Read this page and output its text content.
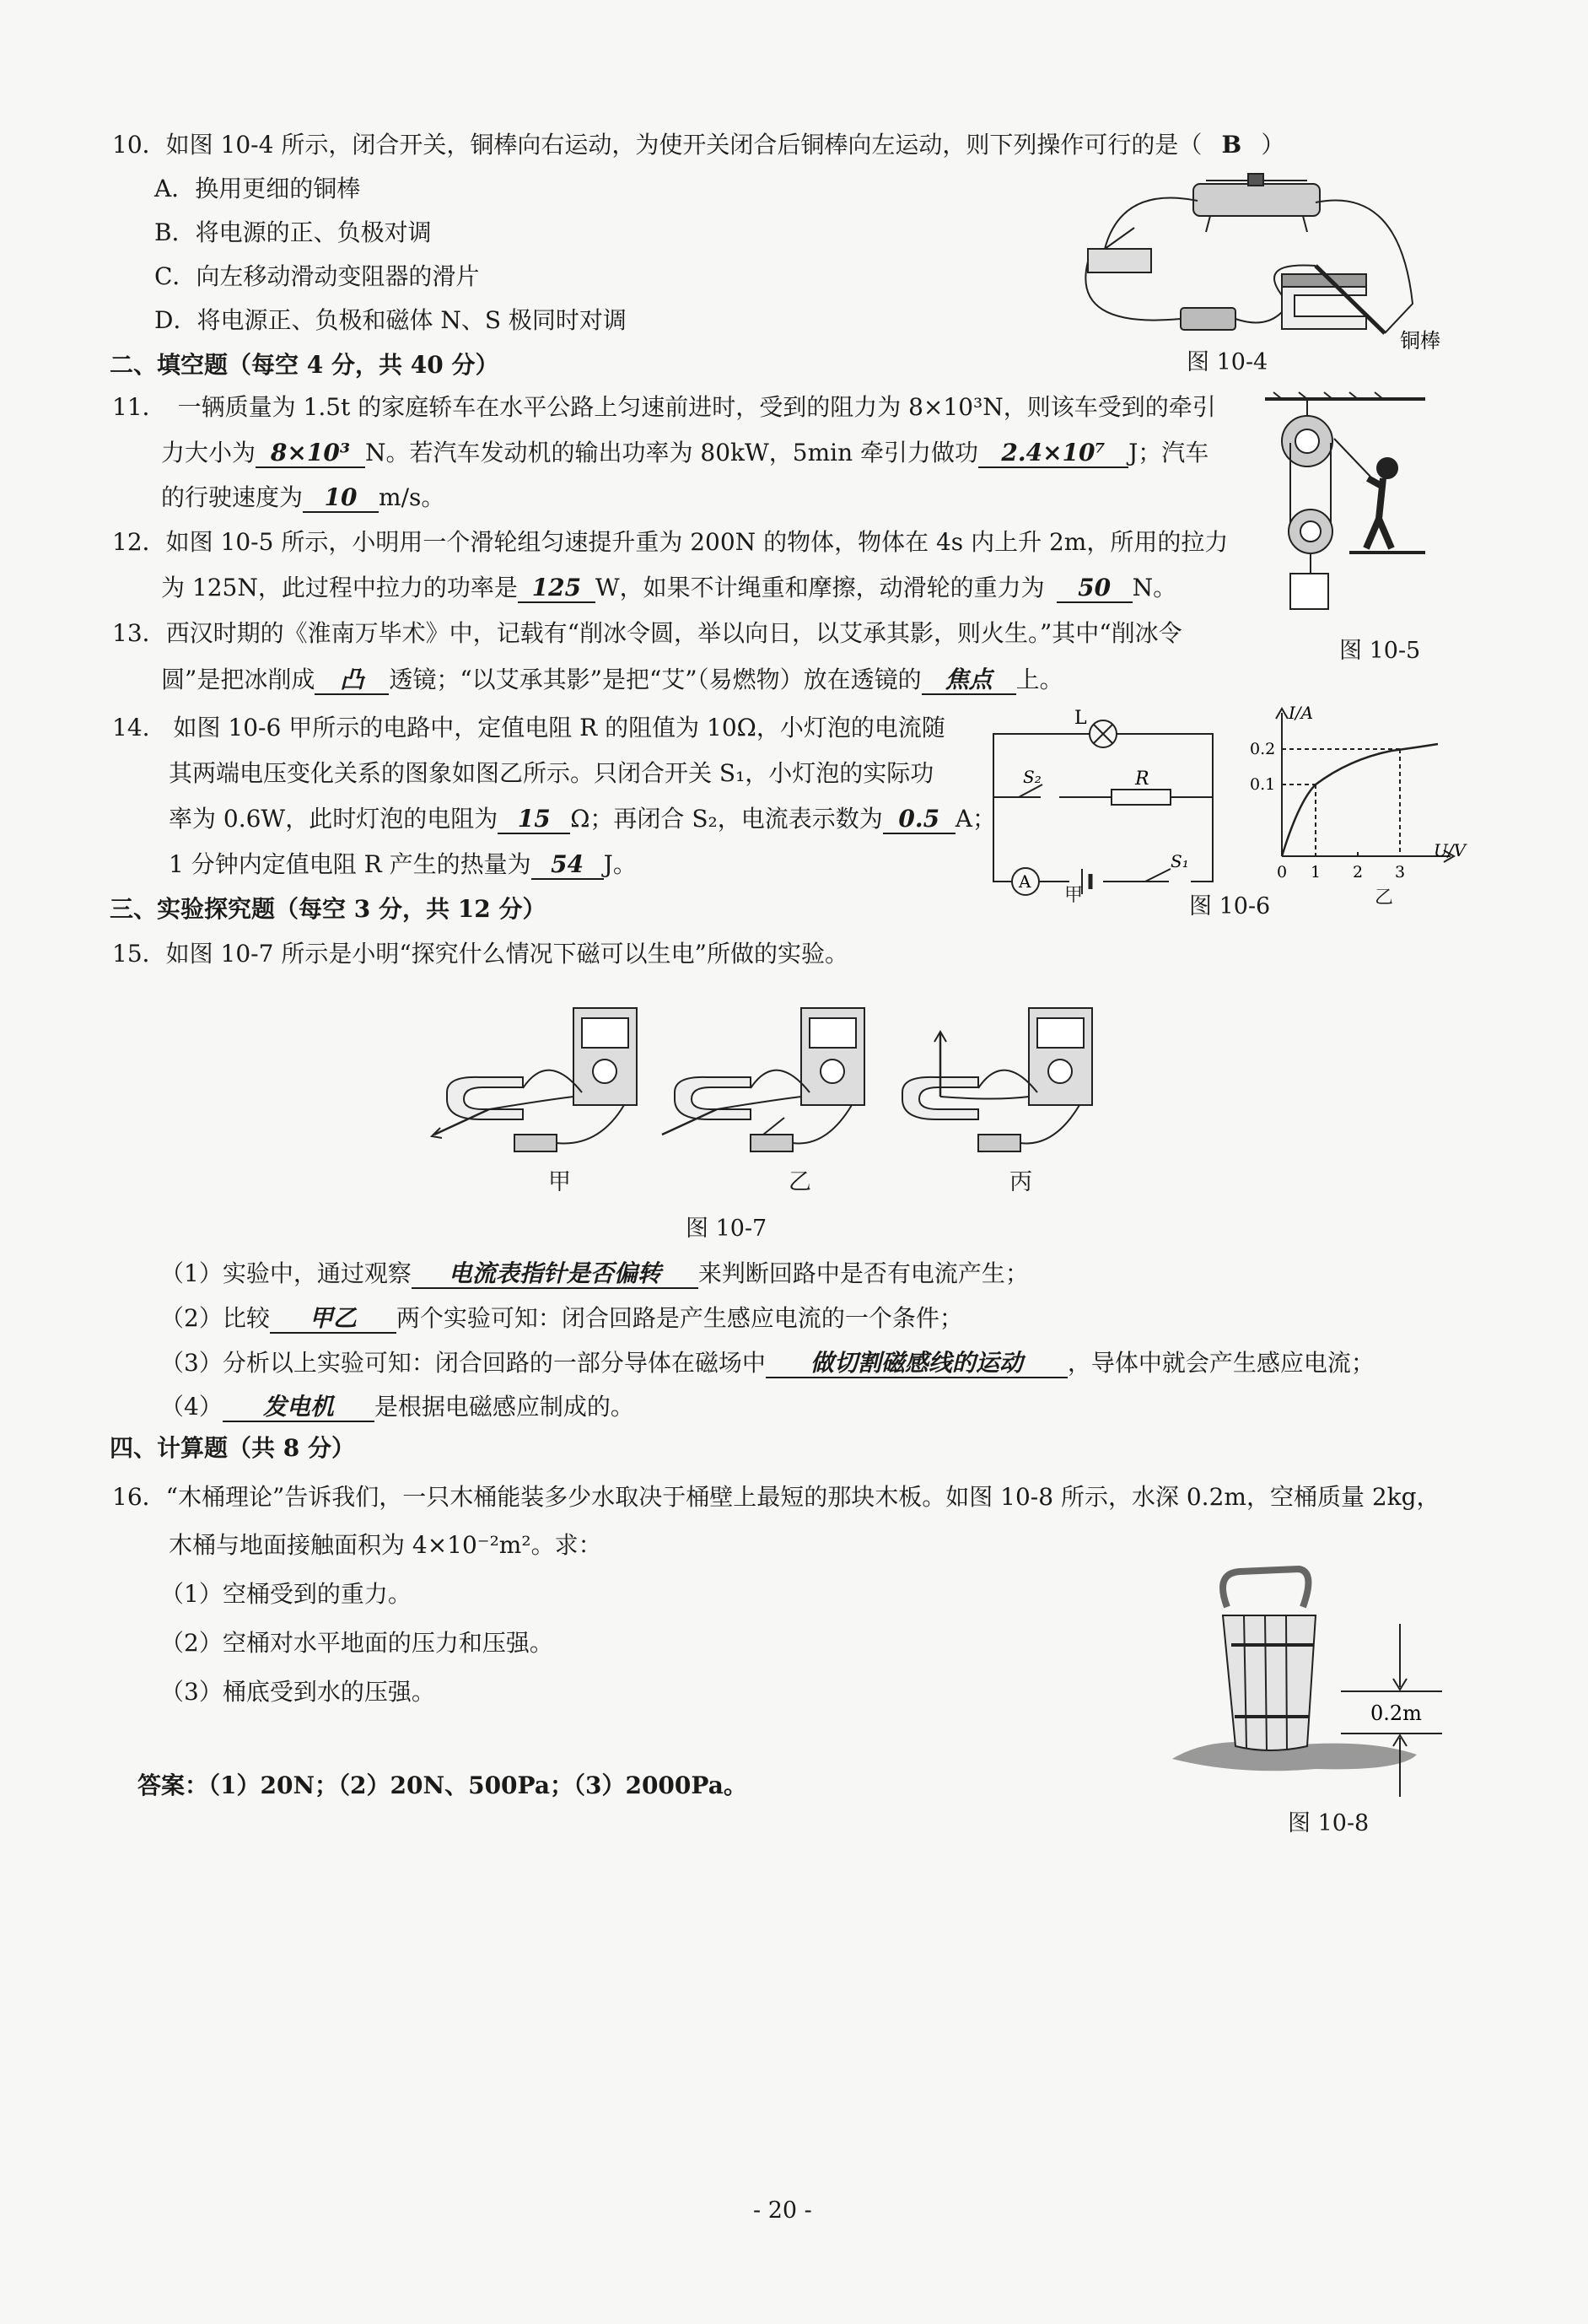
10．如图 10-4 所示，闭合开关，铜棒向右运动，为使开关闭合后铜棒向左运动，则下列操作可行的是（ B ）
A．换用更细的铜棒
B．将电源的正、负极对调
C．向左移动滑动变阻器的滑片
D．将电源正、负极和磁体 N、S 极同时对调
铜棒
图 10-4
二、填空题（每空 4 分，共 40 分）
11．　一辆质量为 1.5t 的家庭轿车在水平公路上匀速前进时，受到的阻力为 8×10³N，则该车受到的牵引
力大小为 8×10³ N。若汽车发动机的输出功率为 80kW，5min 牵引力做功 2.4×10⁷ J；汽车
的行驶速度为 10 m/s。
12．如图 10-5 所示，小明用一个滑轮组匀速提升重为 200N 的物体，物体在 4s 内上升 2m，所用的拉力
为 125N，此过程中拉力的功率是 125 W，如果不计绳重和摩擦，动滑轮的重力为 50 N。
图 10-5
13．西汉时期的《淮南万毕术》中，记载有“削冰令圆，举以向日，以艾承其影，则火生。”其中“削冰令
圆”是把冰削成 凸 透镜；“以艾承其影”是把“艾”（易燃物）放在透镜的 焦点 上。
14.　如图 10-6 甲所示的电路中，定值电阻 R 的阻值为 10Ω，小灯泡的电流随
其两端电压变化关系的图象如图乙所示。只闭合开关 S₁，小灯泡的实际功
率为 0.6W，此时灯泡的电阻为 15 Ω；再闭合 S₂，电流表示数为 0.5 A；
1 分钟内定值电阻 R 产生的热量为 54 J。
L
S₂	R
A
S₁
甲
I/A
U/V
0.2
0.1
0 1 2 3
乙
图 10-6
三、实验探究题（每空 3 分，共 12 分）
15．如图 10-7 所示是小明“探究什么情况下磁可以生电”所做的实验。
甲	乙	丙
图 10-7
（1）实验中，通过观察 电流表指针是否偏转 来判断回路中是否有电流产生；
（2）比较 甲乙 两个实验可知：闭合回路是产生感应电流的一个条件；
（3）分析以上实验可知：闭合回路的一部分导体在磁场中 做切割磁感线的运动 ，导体中就会产生感应电流；
（4） 发电机 是根据电磁感应制成的。
四、计算题（共 8 分）
16．“木桶理论”告诉我们，一只木桶能装多少水取决于桶壁上最短的那块木板。如图 10-8 所示，水深 0.2m，空桶质量 2kg，
木桶与地面接触面积为 4×10⁻²m²。求：
（1）空桶受到的重力。
（2）空桶对水平地面的压力和压强。
（3）桶底受到水的压强。
0.2m
图 10-8
答案：（1）20N；（2）20N、500Pa；（3）2000Pa。
- 20 -
